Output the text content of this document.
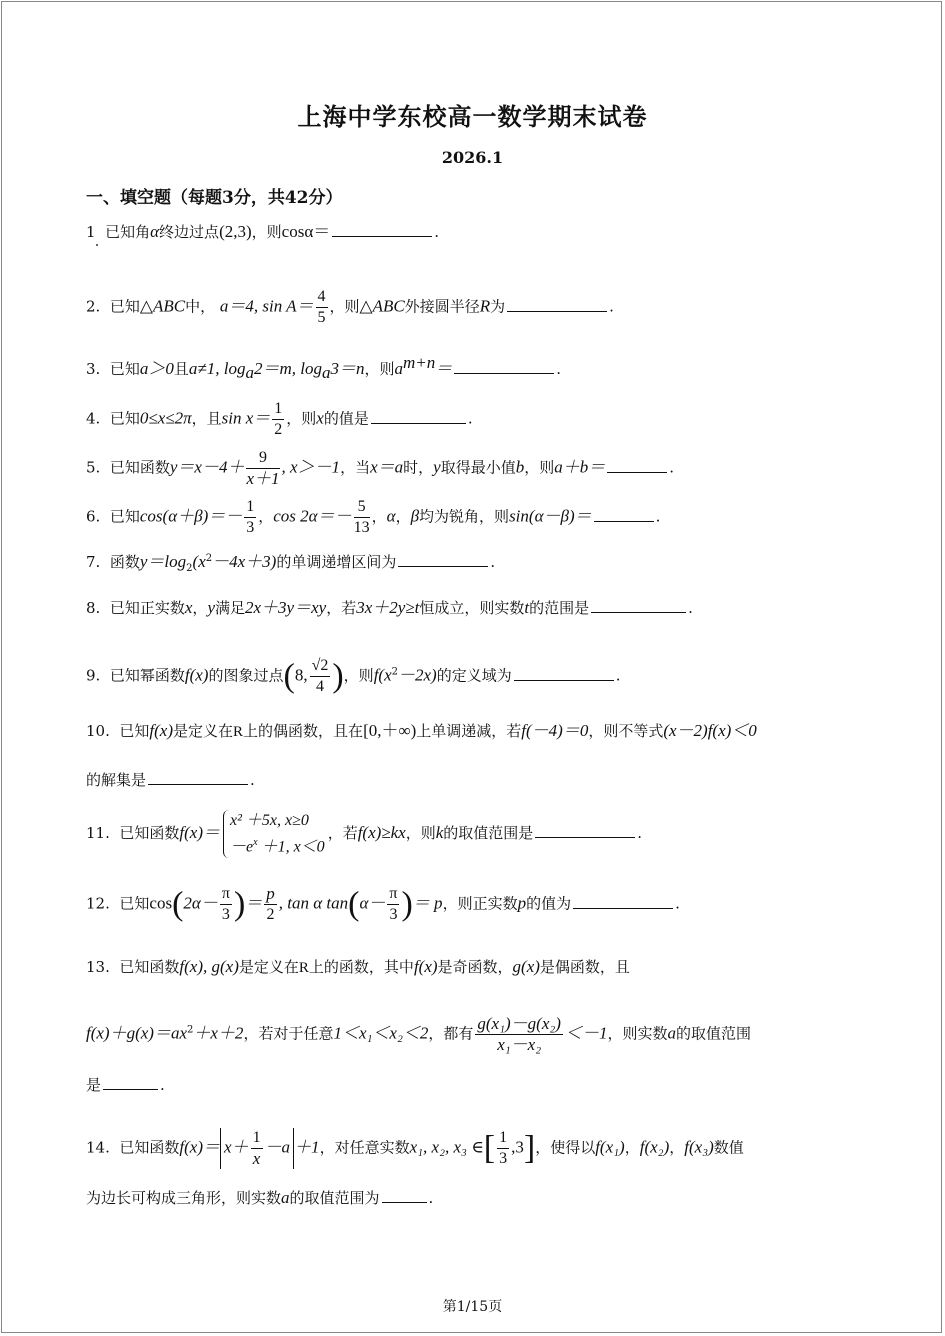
上海中学东校高一数学期末试卷
2026.1
一、填空题（每题3分，共42分）
1 已知角α终边过点(2,3)，则cosα＝	.
2. 已知△ABC中， a＝4, $\sin A= \frac{4}{5}$ ，则△ABC外接圆半径R为	.
3. 已知a＞0且a≠1, $\log_a2=m$, $\log_a3=n$，则$a^{m+n}=$	.
4. 已知0≤x≤2π，且$\sin x= \frac{1}{2}$ ，则x的值是	.
5. 已知函数$y=x-4+ \frac{9}{x+1}$ , x＞－1，当x＝a时，y取得最小值b，则a＋b＝	.
6. 已知$\cos(\alpha+\beta)=- \frac{1}{3}$ ，$\cos 2\alpha=- \frac{5}{13}$ ，α，β均为锐角，则sin(α－β)＝	.
7. 函数$y=\log_2(x^2-4x+3)$的单调递增区间为	.
8. 已知正实数x，y满足2x＋3y＝xy，若3x＋2y≥t恒成立，则实数t的范围是	.
9. 已知幂函数f(x)的图象过点(8, $\frac{√2}{4}$ )，则$f(x^2-2x)$的定义域为	.
10. 已知f(x)是定义在R上的偶函数，且在[0,＋∞)上单调递减，若f(－4)＝0，则不等式(x－2)f(x)＜0
的解集是	.
11. 已知函数f(x)＝
x² ＋5x, x≥0
$-e^x +1$, x＜0
，若f(x)≥kx，则k的取值范围是	.
12. 已知$\cos(2\alpha- \frac{\pi}{3}$ )＝ $\frac{p}{2}$ , tan α $\tan(\alpha- \frac{\pi}{3}$ )＝ p，则正实数p的值为	.
13. 已知函数f(x), g(x)是定义在R上的函数，其中f(x)是奇函数，g(x)是偶函数，且
$f(x)+g(x)=ax^2+x+2$，若对于任意1＜x₁＜x₂＜2，都有 $\frac{\text{g(x₁)－g(x₂)}}{\text{x₁－x₂}} <-1$，则实数a的取值范围
是	.
14. 已知函数$f(x)= x+ \frac{1}{x} -a +1$，对任意实数x₁, x₂, x₃ ∈[ $\frac{1}{3} ,3$]，使得以f(x₁)，f(x₂)，f(x₃)数值
为边长可构成三角形，则实数a的取值范围为	.
第1/15页
